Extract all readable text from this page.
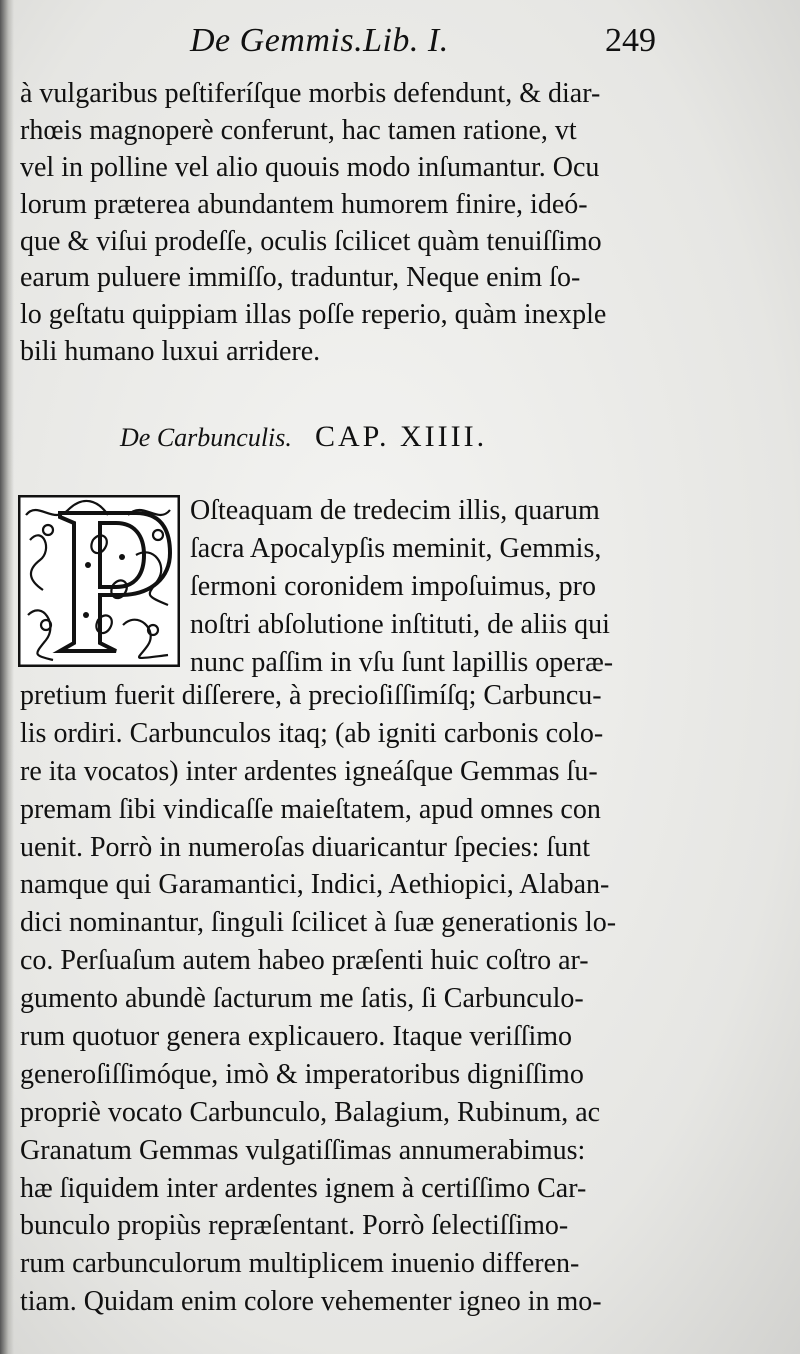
De Gemmis.Lib. I.	249
à vulgaribus peſtiferíſque morbis defendunt, & diar-
rhœis magnoperè conferunt, hac tamen ratione, vt
vel in polline vel alio quouis modo inſumantur. Ocu
lorum præterea abundantem humorem finire, ideó-
que & viſui prodeſſe, oculis ſcilicet quàm tenuiſſimo
earum puluere immiſſo, traduntur, Neque enim ſo-
lo geſtatu quippiam illas poſſe reperio, quàm inexple
bili humano luxui arridere.
De Carbunculis. CAP. XIIII.
Oſteaquam de tredecim illis, quarum
ſacra Apocalypſis meminit, Gemmis,
ſermoni coronidem impoſuimus, pro
noſtri abſolutione inſtituti, de aliis qui
nunc paſſim in vſu ſunt lapillis operæ-
pretium fuerit diſſerere, à precioſiſſimíſq; Carbuncu-
lis ordiri. Carbunculos itaq; (ab igniti carbonis colo-
re ita vocatos) inter ardentes igneáſque Gemmas ſu-
premam ſibi vindicaſſe maieſtatem, apud omnes con
uenit. Porrò in numeroſas diuaricantur ſpecies: ſunt
namque qui Garamantici, Indici, Aethiopici, Alaban-
dici nominantur, ſinguli ſcilicet à ſuæ generationis lo-
co. Perſuaſum autem habeo præſenti huic coſtro ar-
gumento abundè ſacturum me ſatis, ſi Carbunculo-
rum quotuor genera explicauero. Itaque veriſſimo
generoſiſſimóque, imò & imperatoribus digniſſimo
propriè vocato Carbunculo, Balagium, Rubinum, ac
Granatum Gemmas vulgatiſſimas annumerabimus:
hæ ſiquidem inter ardentes ignem à certiſſimo Car-
bunculo propiùs repræſentant. Porrò ſelectiſſimo-
rum carbunculorum multiplicem inuenio differen-
tiam. Quidam enim colore vehementer igneo in mo-
